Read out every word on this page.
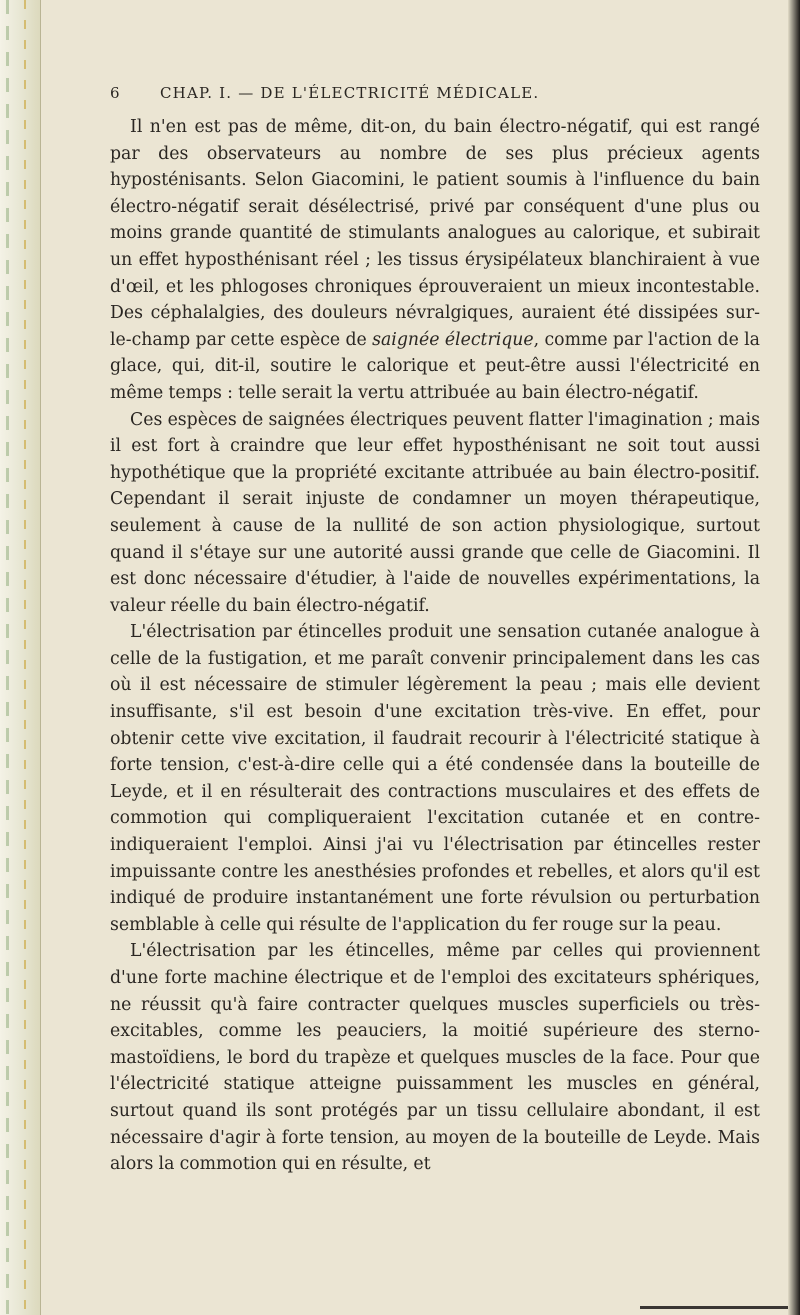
6	CHAP. I. — DE L'ÉLECTRICITÉ MÉDICALE.

Il n'en est pas de même, dit-on, du bain électro-négatif, qui est rangé par des observateurs au nombre de ses plus précieux agents hyposténisants. Selon Giacomini, le patient soumis à l'influence du bain électro-négatif serait désélectrisé, privé par conséquent d'une plus ou moins grande quantité de stimulants analogues au calorique, et subirait un effet hyposthénisant réel ; les tissus érysipélateux blanchiraient à vue d'œil, et les phlogoses chroniques éprouveraient un mieux incontestable. Des céphalalgies, des douleurs névralgiques, auraient été dissipées sur-le-champ par cette espèce de saignée électrique, comme par l'action de la glace, qui, dit-il, soutire le calorique et peut-être aussi l'électricité en même temps : telle serait la vertu attribuée au bain électro-négatif.

Ces espèces de saignées électriques peuvent flatter l'imagination ; mais il est fort à craindre que leur effet hyposthénisant ne soit tout aussi hypothétique que la propriété excitante attribuée au bain électro-positif. Cependant il serait injuste de condamner un moyen thérapeutique, seulement à cause de la nullité de son action physiologique, surtout quand il s'étaye sur une autorité aussi grande que celle de Giacomini. Il est donc nécessaire d'étudier, à l'aide de nouvelles expérimentations, la valeur réelle du bain électro-négatif.

L'électrisation par étincelles produit une sensation cutanée analogue à celle de la fustigation, et me paraît convenir principalement dans les cas où il est nécessaire de stimuler légèrement la peau ; mais elle devient insuffisante, s'il est besoin d'une excitation très-vive. En effet, pour obtenir cette vive excitation, il faudrait recourir à l'électricité statique à forte tension, c'est-à-dire celle qui a été condensée dans la bouteille de Leyde, et il en résulterait des contractions musculaires et des effets de commotion qui compliqueraient l'excitation cutanée et en contre-indiqueraient l'emploi. Ainsi j'ai vu l'électrisation par étincelles rester impuissante contre les anesthésies profondes et rebelles, et alors qu'il est indiqué de produire instantanément une forte révulsion ou perturbation semblable à celle qui résulte de l'application du fer rouge sur la peau.

L'électrisation par les étincelles, même par celles qui proviennent d'une forte machine électrique et de l'emploi des excitateurs sphériques, ne réussit qu'à faire contracter quelques muscles superficiels ou très-excitables, comme les peauciers, la moitié supérieure des sterno-mastoïdiens, le bord du trapèze et quelques muscles de la face. Pour que l'électricité statique atteigne puissamment les muscles en général, surtout quand ils sont protégés par un tissu cellulaire abondant, il est nécessaire d'agir à forte tension, au moyen de la bouteille de Leyde. Mais alors la commotion qui en résulte, et
